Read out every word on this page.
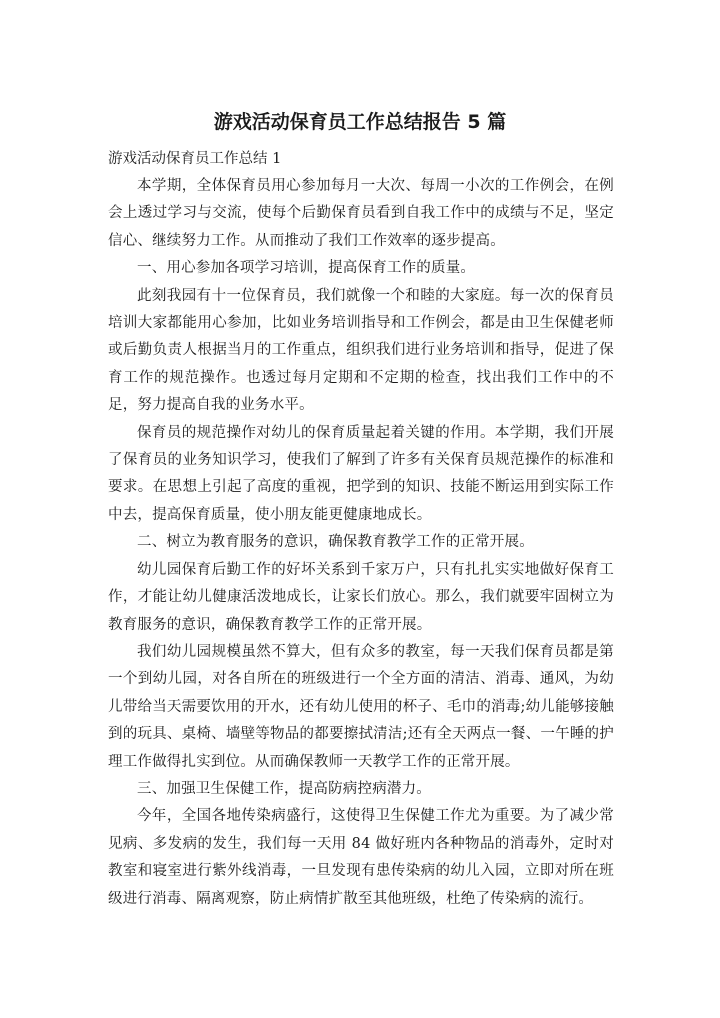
游戏活动保育员工作总结报告 5 篇

游戏活动保育员工作总结 1

本学期，全体保育员用心参加每月一大次、每周一小次的工作例会，在例会上透过学习与交流，使每个后勤保育员看到自我工作中的成绩与不足，坚定信心、继续努力工作。从而推动了我们工作效率的逐步提高。

一、用心参加各项学习培训，提高保育工作的质量。

此刻我园有十一位保育员，我们就像一个和睦的大家庭。每一次的保育员培训大家都能用心参加，比如业务培训指导和工作例会，都是由卫生保健老师或后勤负责人根据当月的工作重点，组织我们进行业务培训和指导，促进了保育工作的规范操作。也透过每月定期和不定期的检查，找出我们工作中的不足，努力提高自我的业务水平。

保育员的规范操作对幼儿的保育质量起着关键的作用。本学期，我们开展了保育员的业务知识学习，使我们了解到了许多有关保育员规范操作的标准和要求。在思想上引起了高度的重视，把学到的知识、技能不断运用到实际工作中去，提高保育质量，使小朋友能更健康地成长。

二、树立为教育服务的意识，确保教育教学工作的正常开展。

幼儿园保育后勤工作的好坏关系到千家万户，只有扎扎实实地做好保育工作，才能让幼儿健康活泼地成长，让家长们放心。那么，我们就要牢固树立为教育服务的意识，确保教育教学工作的正常开展。

我们幼儿园规模虽然不算大，但有众多的教室，每一天我们保育员都是第一个到幼儿园，对各自所在的班级进行一个全方面的清洁、消毒、通风，为幼儿带给当天需要饮用的开水，还有幼儿使用的杯子、毛巾的消毒;幼儿能够接触到的玩具、桌椅、墙壁等物品的都要擦拭清洁;还有全天两点一餐、一午睡的护理工作做得扎实到位。从而确保教师一天教学工作的正常开展。

三、加强卫生保健工作，提高防病控病潜力。

今年，全国各地传染病盛行，这使得卫生保健工作尤为重要。为了减少常见病、多发病的发生，我们每一天用 84 做好班内各种物品的消毒外，定时对教室和寝室进行紫外线消毒，一旦发现有患传染病的幼儿入园，立即对所在班级进行消毒、隔离观察，防止病情扩散至其他班级，杜绝了传染病的流行。
